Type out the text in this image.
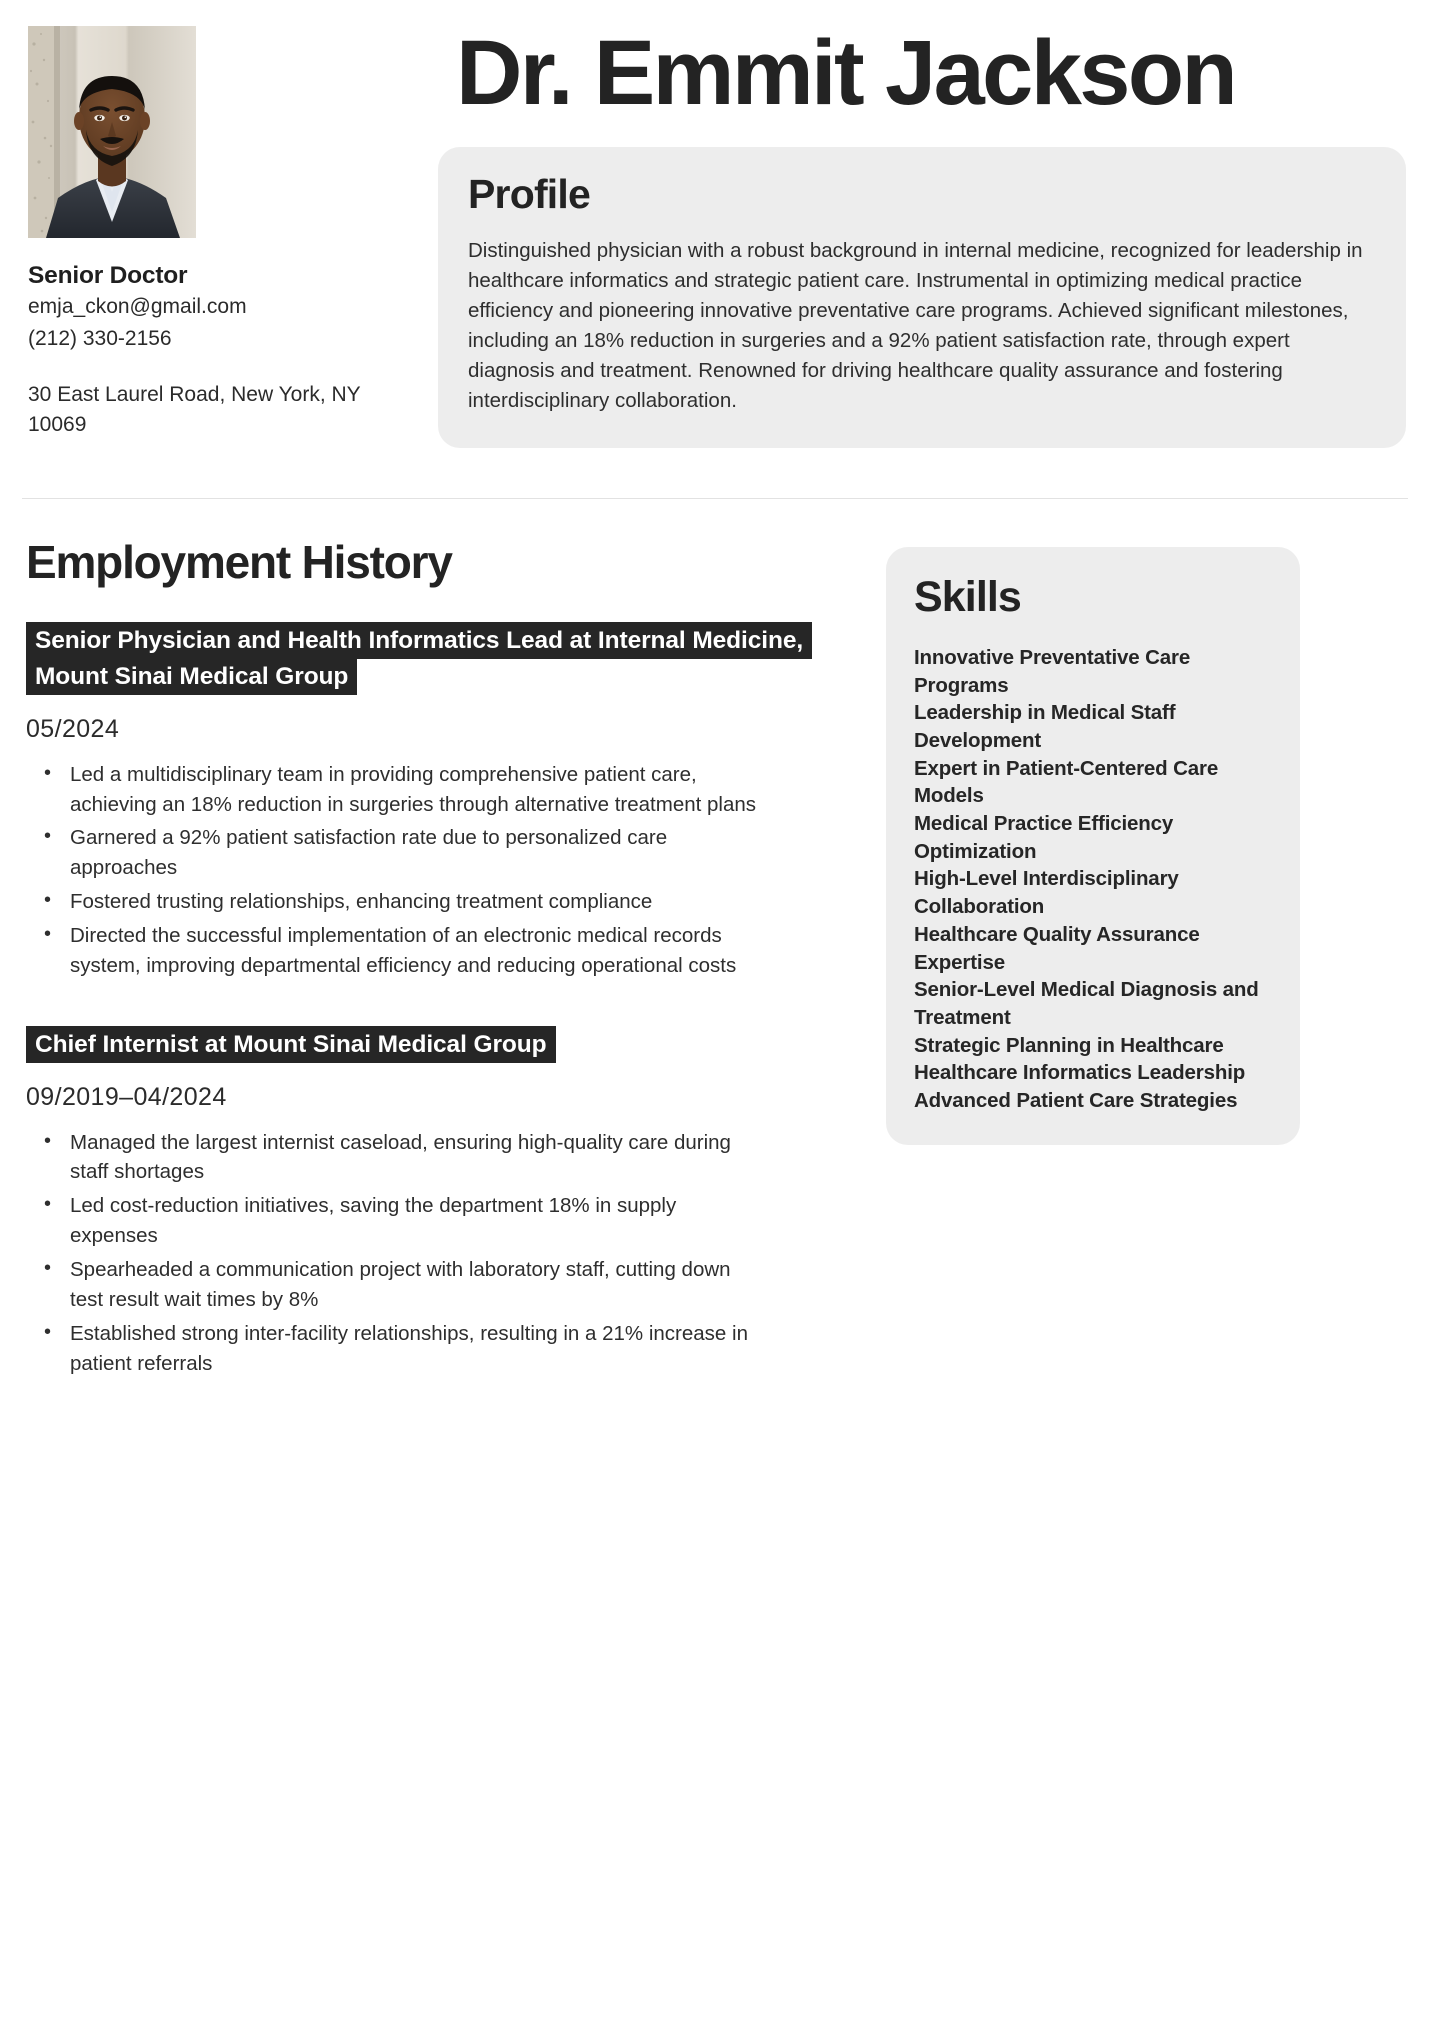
Senior Doctor
emja_ckon@gmail.com
(212) 330-2156
30 East Laurel Road, New York, NY 10069
Dr. Emmit Jackson
Profile
Distinguished physician with a robust background in internal medicine, recognized for leadership in healthcare informatics and strategic patient care. Instrumental in optimizing medical practice efficiency and pioneering innovative preventative care programs. Achieved significant milestones, including an 18% reduction in surgeries and a 92% patient satisfaction rate, through expert diagnosis and treatment. Renowned for driving healthcare quality assurance and fostering interdisciplinary collaboration.
Employment History
Senior Physician and Health Informatics Lead at Internal Medicine, Mount Sinai Medical Group
05/2024
• Led a multidisciplinary team in providing comprehensive patient care, achieving an 18% reduction in surgeries through alternative treatment plans
• Garnered a 92% patient satisfaction rate due to personalized care approaches
• Fostered trusting relationships, enhancing treatment compliance
• Directed the successful implementation of an electronic medical records system, improving departmental efficiency and reducing operational costs
Chief Internist at Mount Sinai Medical Group
09/2019–04/2024
• Managed the largest internist caseload, ensuring high-quality care during staff shortages
• Led cost-reduction initiatives, saving the department 18% in supply expenses
• Spearheaded a communication project with laboratory staff, cutting down test result wait times by 8%
• Established strong inter-facility relationships, resulting in a 21% increase in patient referrals
Skills
Innovative Preventative Care Programs
Leadership in Medical Staff Development
Expert in Patient-Centered Care Models
Medical Practice Efficiency Optimization
High-Level Interdisciplinary Collaboration
Healthcare Quality Assurance Expertise
Senior-Level Medical Diagnosis and Treatment
Strategic Planning in Healthcare
Healthcare Informatics Leadership
Advanced Patient Care Strategies
